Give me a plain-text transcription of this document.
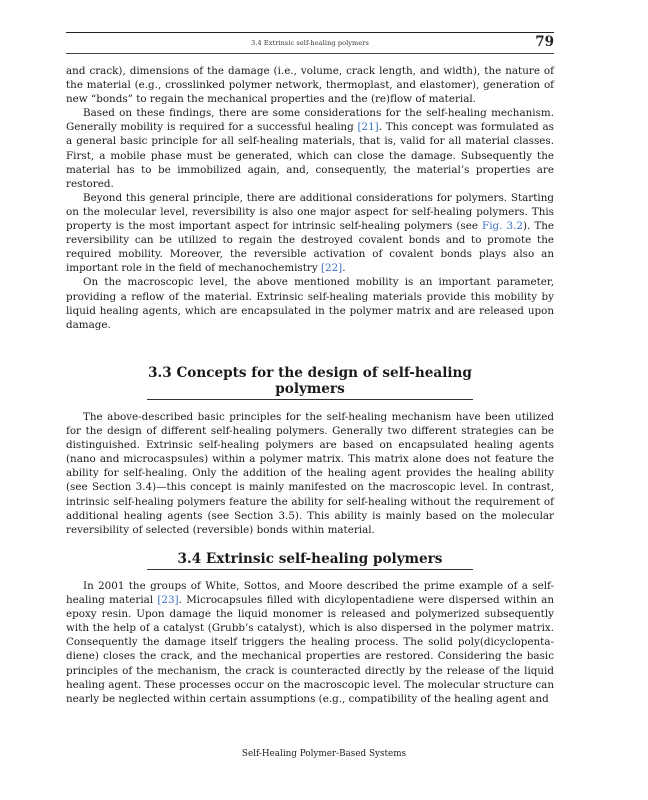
3.4 Extrinsic self-healing polymers	79

and crack), dimensions of the damage (i.e., volume, crack length, and width), the nature of the material (e.g., crosslinked polymer network, thermoplast, and elastomer), generation of new “bonds” to regain the mechanical properties and the (re)flow of material.

Based on these findings, there are some considerations for the self-healing mechanism. Generally mobility is required for a successful healing [21]. This concept was formulated as a general basic principle for all self-healing materials, that is, valid for all material classes. First, a mobile phase must be generated, which can close the damage. Subsequently the material has to be immobilized again, and, consequently, the material’s properties are restored.

Beyond this general principle, there are additional considerations for polymers. Starting on the molecular level, reversibility is also one major aspect for self-healing polymers. This property is the most important aspect for intrinsic self-healing polymers (see Fig. 3.2). The reversibility can be utilized to regain the destroyed covalent bonds and to promote the required mobility. Moreover, the reversible activation of covalent bonds plays also an important role in the field of mechanochemistry [22].

On the macroscopic level, the above mentioned mobility is an important parameter, providing a reflow of the material. Extrinsic self-healing materials provide this mobility by liquid healing agents, which are encapsulated in the polymer matrix and are released upon damage.

3.3 Concepts for the design of self-healing polymers

The above-described basic principles for the self-healing mechanism have been utilized for the design of different self-healing polymers. Generally two different strategies can be distinguished. Extrinsic self-healing polymers are based on encapsulated healing agents (nano and microcaspsules) within a polymer matrix. This matrix alone does not feature the ability for self-healing. Only the addition of the healing agent provides the healing ability (see Section 3.4)—this concept is mainly manifested on the macroscopic level. In contrast, intrinsic self-healing polymers feature the ability for self-healing without the requirement of additional healing agents (see Section 3.5). This ability is mainly based on the molecular reversibility of selected (reversible) bonds within material.

3.4 Extrinsic self-healing polymers

In 2001 the groups of White, Sottos, and Moore described the prime example of a self-healing material [23]. Microcapsules filled with dicylopentadiene were dispersed within an epoxy resin. Upon damage the liquid monomer is released and polymerized subsequently with the help of a catalyst (Grubb’s catalyst), which is also dispersed in the polymer matrix. Consequently the damage itself triggers the healing process. The solid poly(dicyclopenta-diene) closes the crack, and the mechanical properties are restored. Considering the basic principles of the mechanism, the crack is counteracted directly by the release of the liquid healing agent. These processes occur on the macroscopic level. The molecular structure can nearly be neglected within certain assumptions (e.g., compatibility of the healing agent and

Self-Healing Polymer-Based Systems
